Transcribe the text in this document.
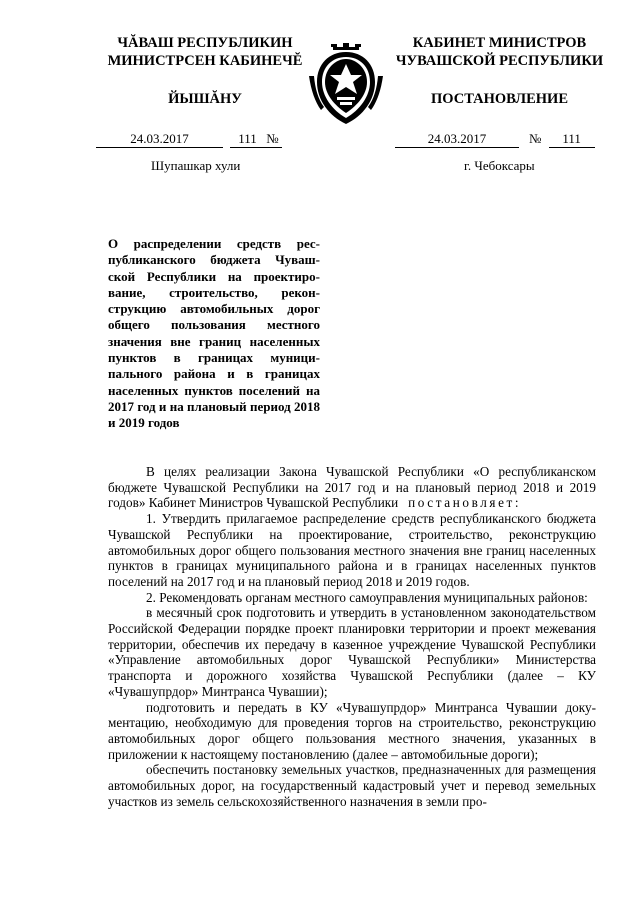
ЧĂВАШ РЕСПУБЛИКИН
МИНИСТРСЕН КАБИНЕЧĔ
ЙЫШĂНУ
КАБИНЕТ МИНИСТРОВ
ЧУВАШСКОЙ РЕСПУБЛИКИ
ПОСТАНОВЛЕНИЕ
24.03.2017	111 №	24.03.2017	№ 111
Шупашкар хули	г. Чебоксары
О распределении средств республиканского бюджета Чувашской Республики на проектирование, строительство, реконструкцию автомобильных дорог общего пользования местного значения вне границ населенных пунктов в границах муниципального района и в границах населенных пунктов поселений на 2017 год и на плановый период 2018 и 2019 годов

В целях реализации Закона Чувашской Республики «О республиканском бюджете Чувашской Республики на 2017 год и на плановый период 2018 и 2019 годов» Кабинет Министров Чувашской Республики постановляет:

1. Утвердить прилагаемое распределение средств республиканского бюджета Чувашской Республики на проектирование, строительство, реконструкцию автомобильных дорог общего пользования местного значения вне границ населенных пунктов в границах муниципального района и в границах населенных пунктов поселений на 2017 год и на плановый период 2018 и 2019 годов.

2. Рекомендовать органам местного самоуправления муниципальных районов:

в месячный срок подготовить и утвердить в установленном законодательством Российской Федерации порядке проект планировки территории и проект межевания территории, обеспечив их передачу в казенное учреждение Чувашской Республики «Управление автомобильных дорог Чувашской Республики» Министерства транспорта и дорожного хозяйства Чувашской Республики (далее – КУ «Чувашупрдор» Минтранса Чувашии);

подготовить и передать в КУ «Чувашупрдор» Минтранса Чувашии документацию, необходимую для проведения торгов на строительство, реконструкцию автомобильных дорог общего пользования местного значения, указанных в приложении к настоящему постановлению (далее – автомобильные дороги);

обеспечить постановку земельных участков, предназначенных для размещения автомобильных дорог, на государственный кадастровый учет и перевод земельных участков из земель сельскохозяйственного назначения в земли про-
